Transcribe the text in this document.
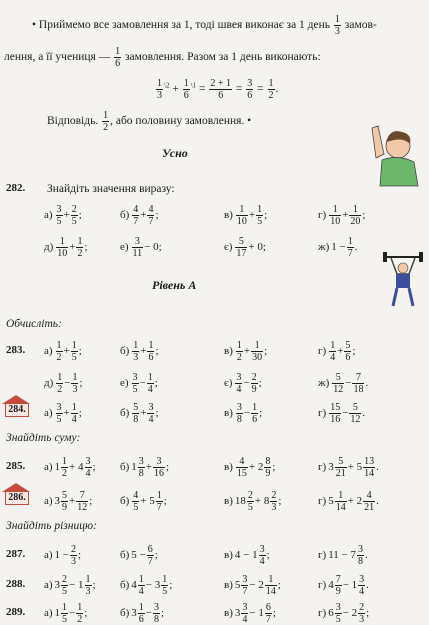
• Приймемо все замовлення за 1, тоді швея виконає за 1 день $\frac{1}{3}$ замов-
лення, а її учениця — $\frac{1}{6}$ замовлення. Разом за 1 день виконають:
$\frac{1}{3} ^{\backslash 2} + \frac{1}{6} ^{\backslash 1} = \frac{2 + 1}{6} = \frac{3}{6} = \frac{1}{2}$ .
Відповідь. $\frac{1}{2}$ , або половину замовлення. •
Усно
282. Знайдіть значення виразу:
$а) \frac{3}{5} + \frac{2}{5}$ ;	$б) \frac{4}{7} + \frac{4}{7}$ ;	$в) \frac{1}{10} + \frac{1}{5}$ ;	$г) \frac{1}{10} + \frac{1}{20}$ ;
$д) \frac{1}{10} + \frac{1}{2}$ ;	$е) \frac{3}{11} - 0$;	$є) \frac{5}{17} + 0$;	ж) $1 - \frac{1}{7}$ .
Рівень А
Обчисліть:
283. $а) \frac{1}{2} + \frac{1}{5}$ ;	$б) \frac{1}{3} + \frac{1}{6}$ ;	$в) \frac{1}{2} + \frac{1}{30}$ ;	$г) \frac{1}{4} + \frac{5}{6}$ ;
$д) \frac{1}{2} - \frac{1}{3}$ ;	$е) \frac{3}{5} - \frac{1}{4}$ ;	$є) \frac{3}{4} - \frac{2}{9}$ ;	$ж) \frac{5}{12} - \frac{7}{18}$ .
284. $а) \frac{3}{5} + \frac{1}{4}$ ;	$б) \frac{5}{8} + \frac{3}{4}$ ;	$в) \frac{3}{8} - \frac{1}{6}$ ;	$г) \frac{15}{16} - \frac{5}{12}$ .
Знайдіть суму:
285. а) $1 \frac{1}{2} + 4 \frac{3}{4}$ ; б) $1 \frac{3}{8} + \frac{3}{16}$ ;	$в) \frac{4}{15} + 2 \frac{8}{9}$ ;	г) $3 \frac{5}{21} + 5 \frac{13}{14}$ .
286. а) $3 \frac{5}{9} + \frac{7}{12}$ ;	$б) \frac{4}{5} + 5 \frac{1}{7}$ ;	в) $18 \frac{2}{5} + 8 \frac{2}{3}$ ;	г) $5 \frac{1}{14} + 2 \frac{4}{21}$ .
Знайдіть різницю:
287. а) $1 - \frac{2}{3}$ ;	б) $5 - \frac{6}{7}$ ;	в) $4 - 1 \frac{3}{4}$ ;	г) $11 - 7 \frac{3}{8}$ .
288. а) $3 \frac{2}{5} - 1 \frac{1}{3}$ ; б) $4 \frac{1}{4} - 3 \frac{1}{5}$ ;	в) $5 \frac{3}{7} - 2 \frac{1}{14}$ ;	г) $4 \frac{7}{9} - 1 \frac{3}{4}$ .
289. а) $1 \frac{1}{5} - \frac{1}{2}$ ;	б) $3 \frac{1}{6} - \frac{3}{8}$ ;	в) $3 \frac{3}{4} - 1 \frac{6}{7}$ ;	г) $6 \frac{3}{5} - 2 \frac{2}{3}$ ;
